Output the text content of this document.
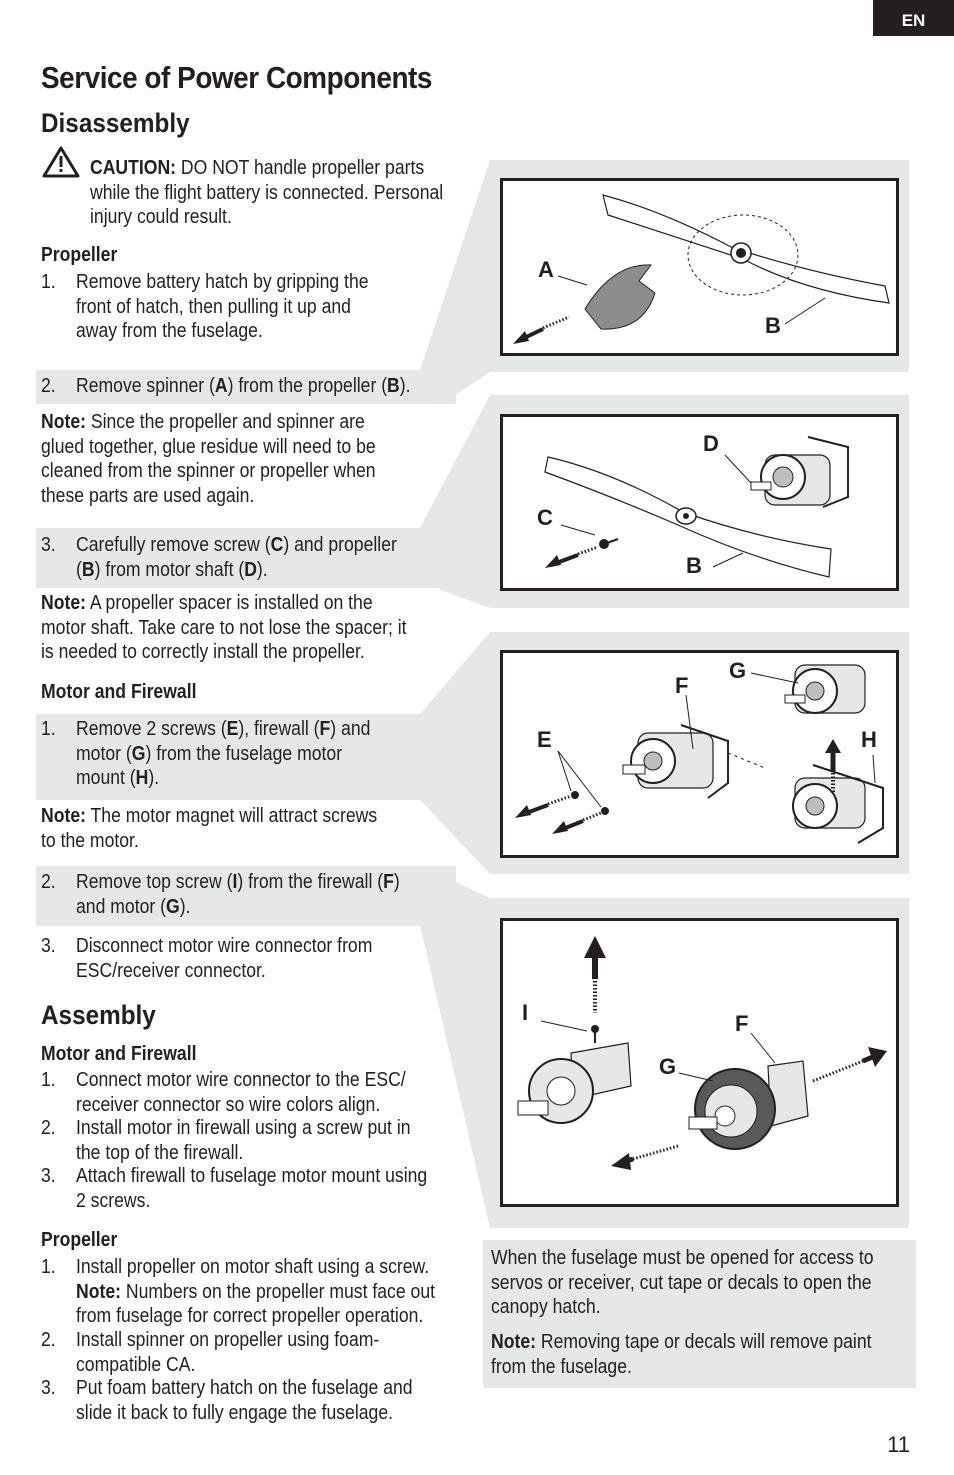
EN
Service of Power Components
Disassembly
CAUTION: DO NOT handle propeller parts
while the flight battery is connected. Personal
injury could result.
Propeller
1. Remove battery hatch by gripping the
front of hatch, then pulling it up and
away from the fuselage.
2. Remove spinner (A) from the propeller (B).
Note: Since the propeller and spinner are
glued together, glue residue will need to be
cleaned from the spinner or propeller when
these parts are used again.
3. Carefully remove screw (C) and propeller
(B) from motor shaft (D).
Note: A propeller spacer is installed on the
motor shaft. Take care to not lose the spacer; it
is needed to correctly install the propeller.
Motor and Firewall
1. Remove 2 screws (E), firewall (F) and
motor (G) from the fuselage motor
mount (H).
Note: The motor magnet will attract screws
to the motor.
2. Remove top screw (I) from the firewall (F)
and motor (G).
3. Disconnect motor wire connector from
ESC/receiver connector.
Assembly
Motor and Firewall
1. Connect motor wire connector to the ESC/
receiver connector so wire colors align.
2. Install motor in firewall using a screw put in
the top of the firewall.
3. Attach firewall to fuselage motor mount using
2 screws.
Propeller
1. Install propeller on motor shaft using a screw.
Note: Numbers on the propeller must face out
from fuselage for correct propeller operation.
2. Install spinner on propeller using foam-
compatible CA.
3. Put foam battery hatch on the fuselage and
slide it back to fully engage the fuselage.
A
B
D
C
B
G
F
E	H
I	F
G
When the fuselage must be opened for access to
servos or receiver, cut tape or decals to open the
canopy hatch.
Note: Removing tape or decals will remove paint
from the fuselage.
11
